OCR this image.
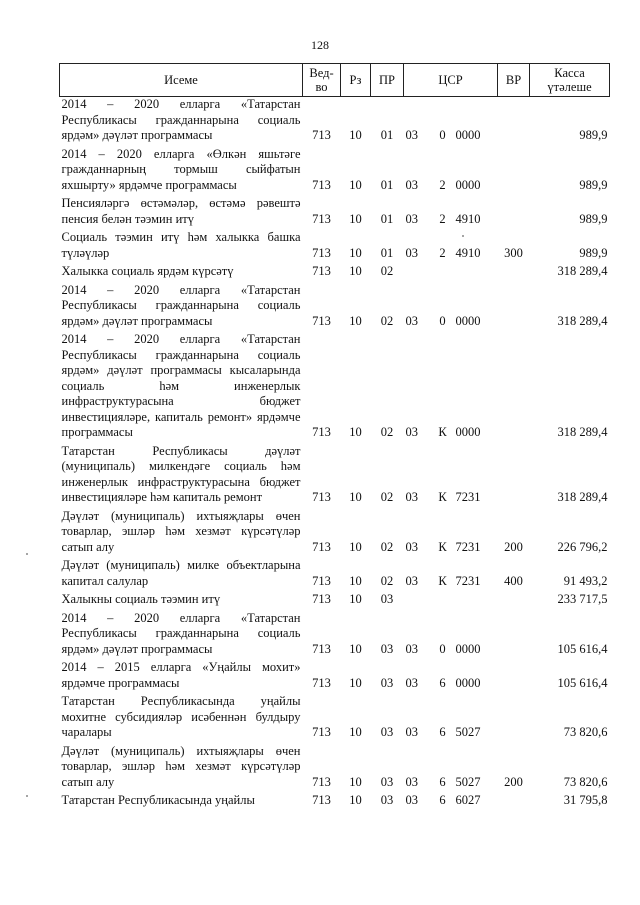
128
Исеме	Вед-во	Рз	ПР	ЦСР			ВР	Касса үтәлеше
2014 – 2020 елларга «Татарстан Республикасы гражданнарына социаль ярдәм» дәүләт программасы	713	10	01	03	0	0000		989,9
2014 – 2020 елларга «Өлкән яшьтәге гражданнарның тормыш сыйфатын яхшырту» ярдәмче программасы	713	10	01	03	2	0000		989,9
Пенсияләргә өстәмәләр, өстәмә рәвештә пенсия белән тәэмин итү	713	10	01	03	2	4910		989,9
Социаль тәэмин итү һәм халыкка башка түләүләр	713	10	01	03	2	4910	300	989,9
Халыкка социаль ярдәм күрсәтү	713	10	02					318 289,4
2014 – 2020 елларга «Татарстан Республикасы гражданнарына социаль ярдәм» дәүләт программасы	713	10	02	03	0	0000		318 289,4
2014 – 2020 елларга «Татарстан Республикасы гражданнарына социаль ярдәм» дәүләт программасы кысаларында социаль һәм инженерлык инфраструктурасына бюджет инвестицияләре, капиталь ремонт» ярдәмче программасы	713	10	02	03	К	0000		318 289,4
Татарстан Республикасы дәүләт (муниципаль) милкендәге социаль һәм инженерлык инфраструктурасына бюджет инвестицияләре һәм капиталь ремонт	713	10	02	03	К	7231		318 289,4
Дәүләт (муниципаль) ихтыяҗлары өчен товарлар, эшләр һәм хезмәт күрсәтүләр сатып алу	713	10	02	03	К	7231	200	226 796,2
Дәүләт (муниципаль) милке объектларына капитал салулар	713	10	02	03	К	7231	400	91 493,2
Халыкны социаль тәэмин итү	713	10	03					233 717,5
2014 – 2020 елларга «Татарстан Республикасы гражданнарына социаль ярдәм» дәүләт программасы	713	10	03	03	0	0000		105 616,4
2014 – 2015 елларга «Уңайлы мохит» ярдәмче программасы	713	10	03	03	6	0000		105 616,4
Татарстан Республикасында уңайлы мохитне субсидияләр исәбеннән булдыру чаралары	713	10	03	03	6	5027		73 820,6
Дәүләт (муниципаль) ихтыяҗлары өчен товарлар, эшләр һәм хезмәт күрсәтүләр сатып алу	713	10	03	03	6	5027	200	73 820,6
Татарстан Республикасында уңайлы	713	10	03	03	6	6027		31 795,8
